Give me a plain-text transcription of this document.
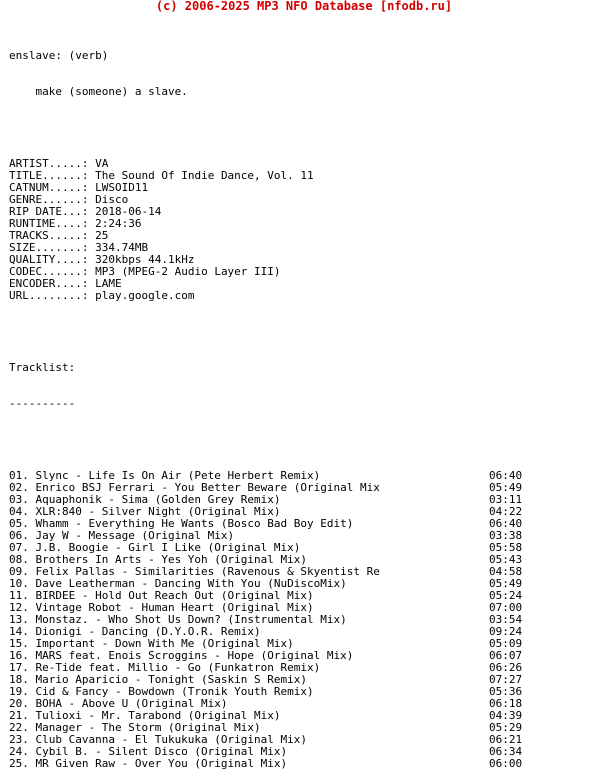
(c) 2006-2025 MP3 NFO Database [nfodb.ru]

enslave: (verb)

make (someone) a slave.

ARTIST.....: VA
TITLE......: The Sound Of Indie Dance, Vol. 11
CATNUM.....: LWSOID11
GENRE......: Disco
RIP DATE...: 2018-06-14
RUNTIME....: 2:24:36
TRACKS.....: 25
SIZE.......: 334.74MB
QUALITY....: 320kbps 44.1kHz
CODEC......: MP3 (MPEG-2 Audio Layer III)
ENCODER....: LAME
URL........: play.google.com

Tracklist:

----------

01. Slync - Life Is On Air (Pete Herbert Remix)	06:40
02. Enrico BSJ Ferrari - You Better Beware (Original Mix	05:49
03. Aquaphonik - Sima (Golden Grey Remix)	03:11
04. XLR:840 - Silver Night (Original Mix)	04:22
05. Whamm - Everything He Wants (Bosco Bad Boy Edit)	06:40
06. Jay W - Message (Original Mix)	03:38
07. J.B. Boogie - Girl I Like (Original Mix)	05:58
08. Brothers In Arts - Yes Yoh (Original Mix)	05:43
09. Felix Pallas - Similarities (Ravenous & Skyentist Re	04:58
10. Dave Leatherman - Dancing With You (NuDiscoMix)	05:49
11. BIRDEE - Hold Out Reach Out (Original Mix)	05:24
12. Vintage Robot - Human Heart (Original Mix)	07:00
13. Monstaz. - Who Shot Us Down? (Instrumental Mix)	03:54
14. Dionigi - Dancing (D.Y.O.R. Remix)	09:24
15. Important - Down With Me (Original Mix)	05:09
16. MARS feat. Enois Scroggins - Hope (Original Mix)	06:07
17. Re-Tide feat. Millio - Go (Funkatron Remix)	06:26
18. Mario Aparicio - Tonight (Saskin S Remix)	07:27
19. Cid & Fancy - Bowdown (Tronik Youth Remix)	05:36
20. BOHA - Above U (Original Mix)	06:18
21. Tulioxi - Mr. Tarabond (Original Mix)	04:39
22. Manager - The Storm (Original Mix)	05:29
23. Club Cavanna - El Tukukuka (Original Mix)	06:21
24. Cybil B. - Silent Disco (Original Mix)	06:34
25. MR Given Raw - Over You (Original Mix)	06:00
